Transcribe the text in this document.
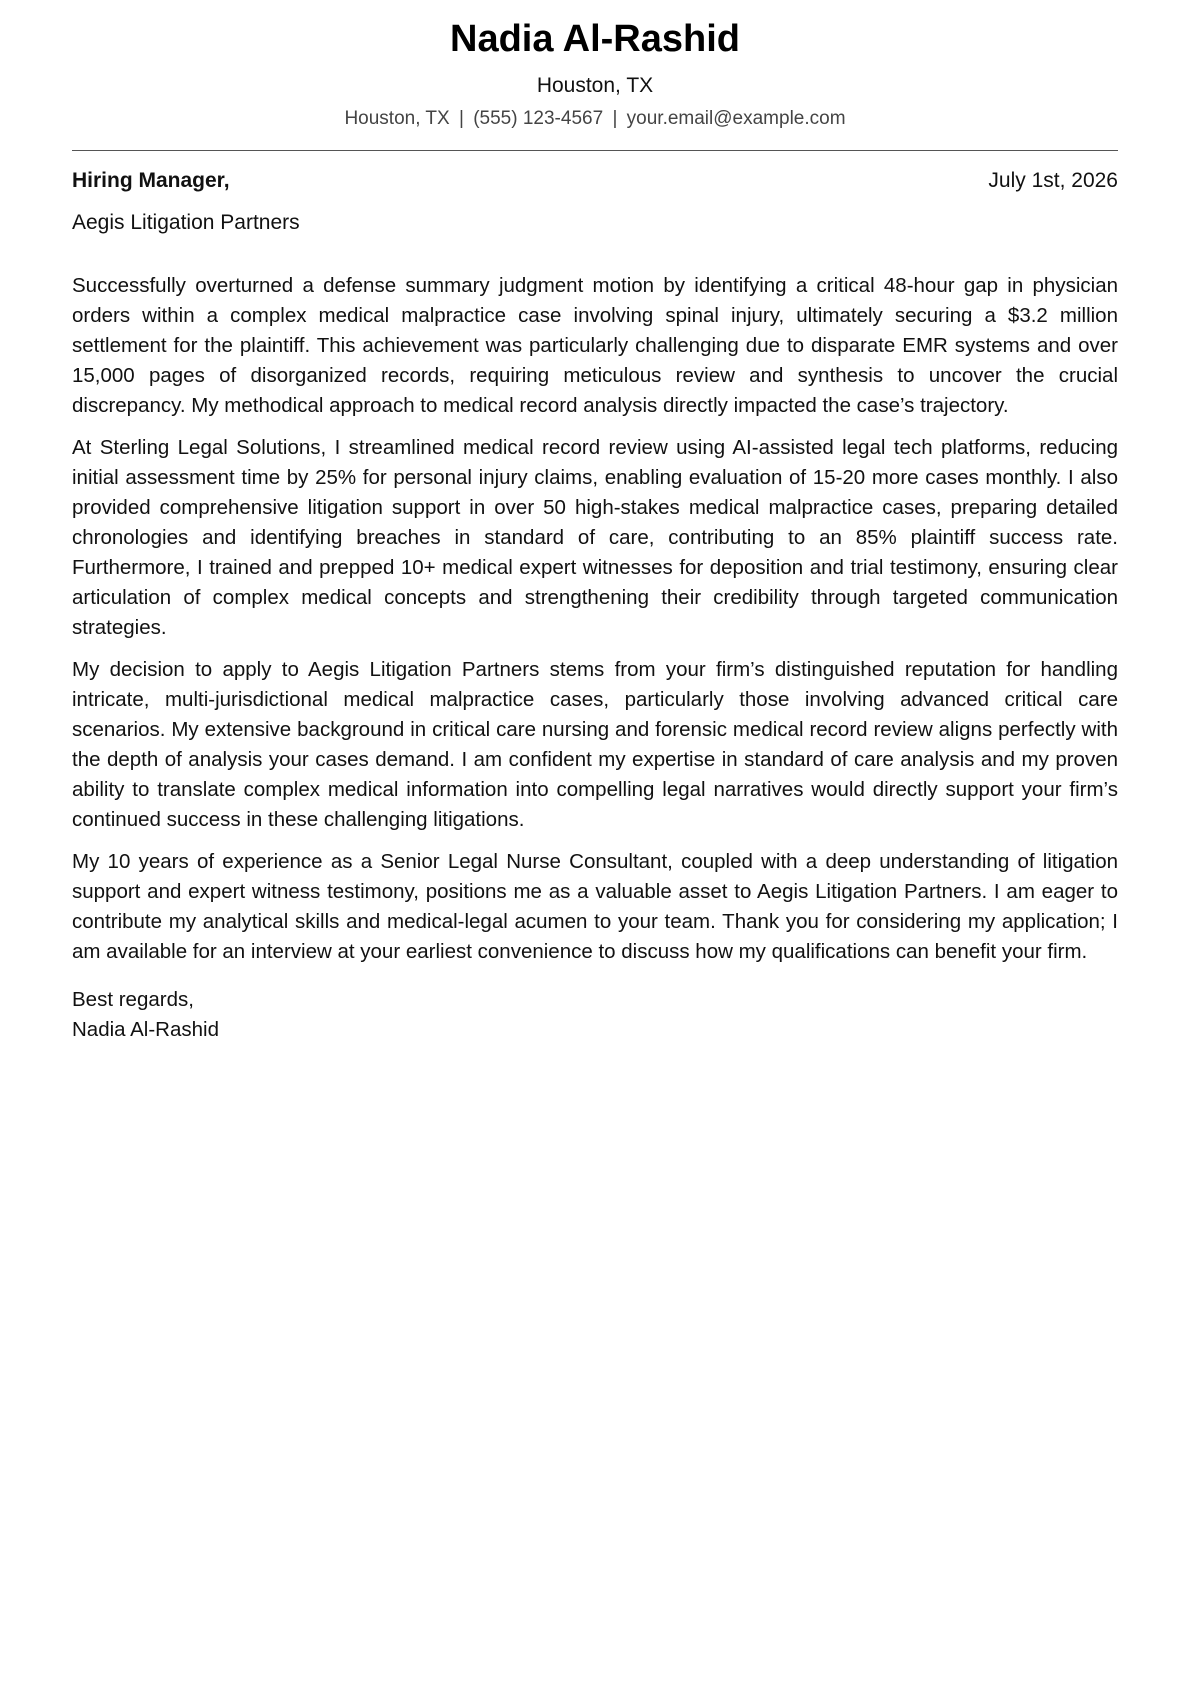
Nadia Al-Rashid
Houston, TX
Houston, TX | (555) 123-4567 | your.email@example.com
Hiring Manager,	July 1st, 2026
Aegis Litigation Partners

Successfully overturned a defense summary judgment motion by identifying a critical 48-hour gap in physician orders within a complex medical malpractice case involving spinal injury, ultimately securing a $3.2 million settlement for the plaintiff. This achievement was particularly challenging due to disparate EMR systems and over 15,000 pages of disorganized records, requiring meticulous review and synthesis to uncover the crucial discrepancy. My methodical approach to medical record analysis directly impacted the case’s trajectory.

At Sterling Legal Solutions, I streamlined medical record review using AI-assisted legal tech platforms, reducing initial assessment time by 25% for personal injury claims, enabling evaluation of 15-20 more cases monthly. I also provided comprehensive litigation support in over 50 high-stakes medical malpractice cases, preparing detailed chronologies and identifying breaches in standard of care, contributing to an 85% plaintiff success rate. Furthermore, I trained and prepped 10+ medical expert witnesses for deposition and trial testimony, ensuring clear articulation of complex medical concepts and strengthening their credibility through targeted communication strategies.

My decision to apply to Aegis Litigation Partners stems from your firm’s distinguished reputation for handling intricate, multi-jurisdictional medical malpractice cases, particularly those involving advanced critical care scenarios. My extensive background in critical care nursing and forensic medical record review aligns perfectly with the depth of analysis your cases demand. I am confident my expertise in standard of care analysis and my proven ability to translate complex medical information into compelling legal narratives would directly support your firm’s continued success in these challenging litigations.

My 10 years of experience as a Senior Legal Nurse Consultant, coupled with a deep understanding of litigation support and expert witness testimony, positions me as a valuable asset to Aegis Litigation Partners. I am eager to contribute my analytical skills and medical-legal acumen to your team. Thank you for considering my application; I am available for an interview at your earliest convenience to discuss how my qualifications can benefit your firm.

Best regards,
Nadia Al-Rashid
